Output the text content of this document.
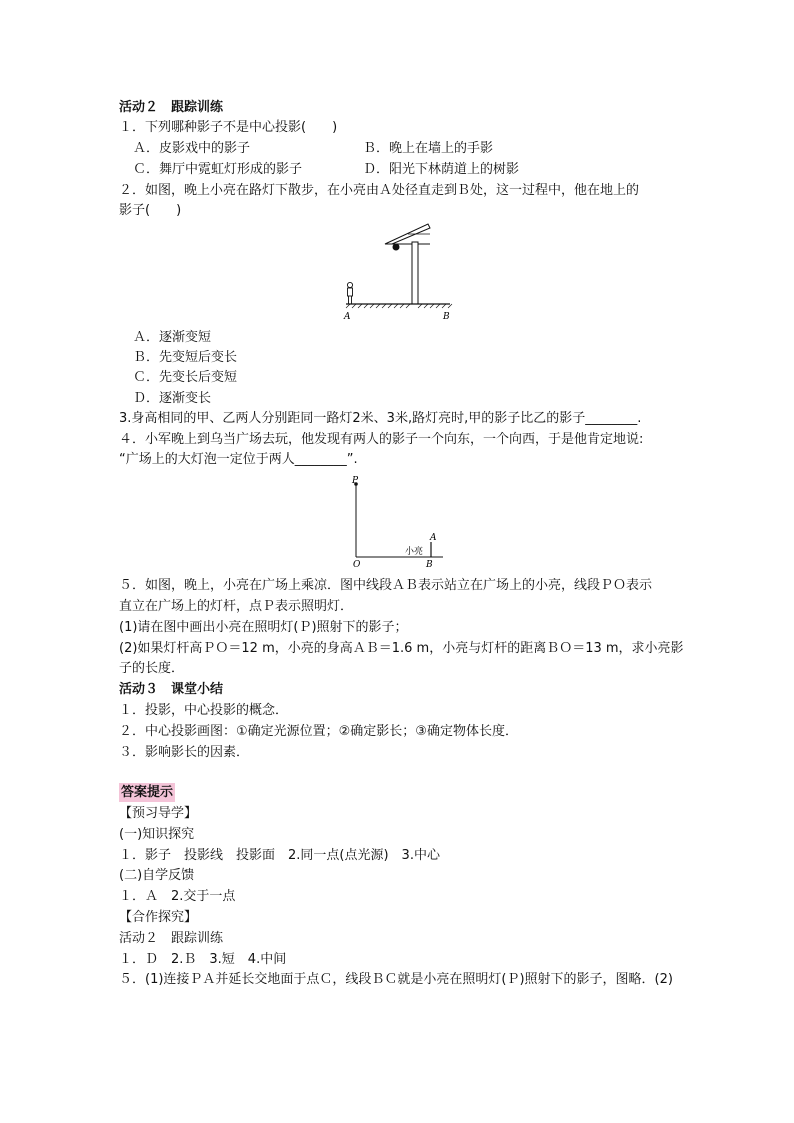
活动２　跟踪训练
１．下列哪种影子不是中心投影(　　)
Ａ．皮影戏中的影子	Ｂ．晚上在墙上的手影
Ｃ．舞厅中霓虹灯形成的影子	Ｄ．阳光下林荫道上的树影
２．如图，晚上小亮在路灯下散步，在小亮由Ａ处径直走到Ｂ处，这一过程中，他在地上的
影子(　　)
A	B
Ａ．逐渐变短
Ｂ．先变短后变长
Ｃ．先变长后变短
Ｄ．逐渐变长
3.身高相同的甲、乙两人分别距同一路灯2米、3米,路灯亮时,甲的影子比乙的影子________.
４．小军晚上到乌当广场去玩，他发现有两人的影子一个向东，一个向西，于是他肯定地说:
“广场上的大灯泡一定位于两人________”.
P
O	B
A
小亮
５．如图，晚上，小亮在广场上乘凉．图中线段ＡＢ表示站立在广场上的小亮，线段ＰＯ表示
直立在广场上的灯杆，点Ｐ表示照明灯．
(1)请在图中画出小亮在照明灯(Ｐ)照射下的影子；
(2)如果灯杆高ＰＯ＝12 m，小亮的身高ＡＢ＝1.6 m，小亮与灯杆的距离ＢＯ＝13 m，求小亮影
子的长度．
活动３　课堂小结
１．投影，中心投影的概念．
２．中心投影画图：①确定光源位置；②确定影长；③确定物体长度．
３．影响影长的因素．
答案提示
【预习导学】
(一)知识探究
１．影子　投影线　投影面　2.同一点(点光源)　3.中心
(二)自学反馈
１．Ａ　2.交于一点
【合作探究】
活动２　跟踪训练
１．Ｄ　2.Ｂ　3.短　4.中间
５．(1)连接ＰＡ并延长交地面于点Ｃ，线段ＢＣ就是小亮在照明灯(Ｐ)照射下的影子，图略．(2)
